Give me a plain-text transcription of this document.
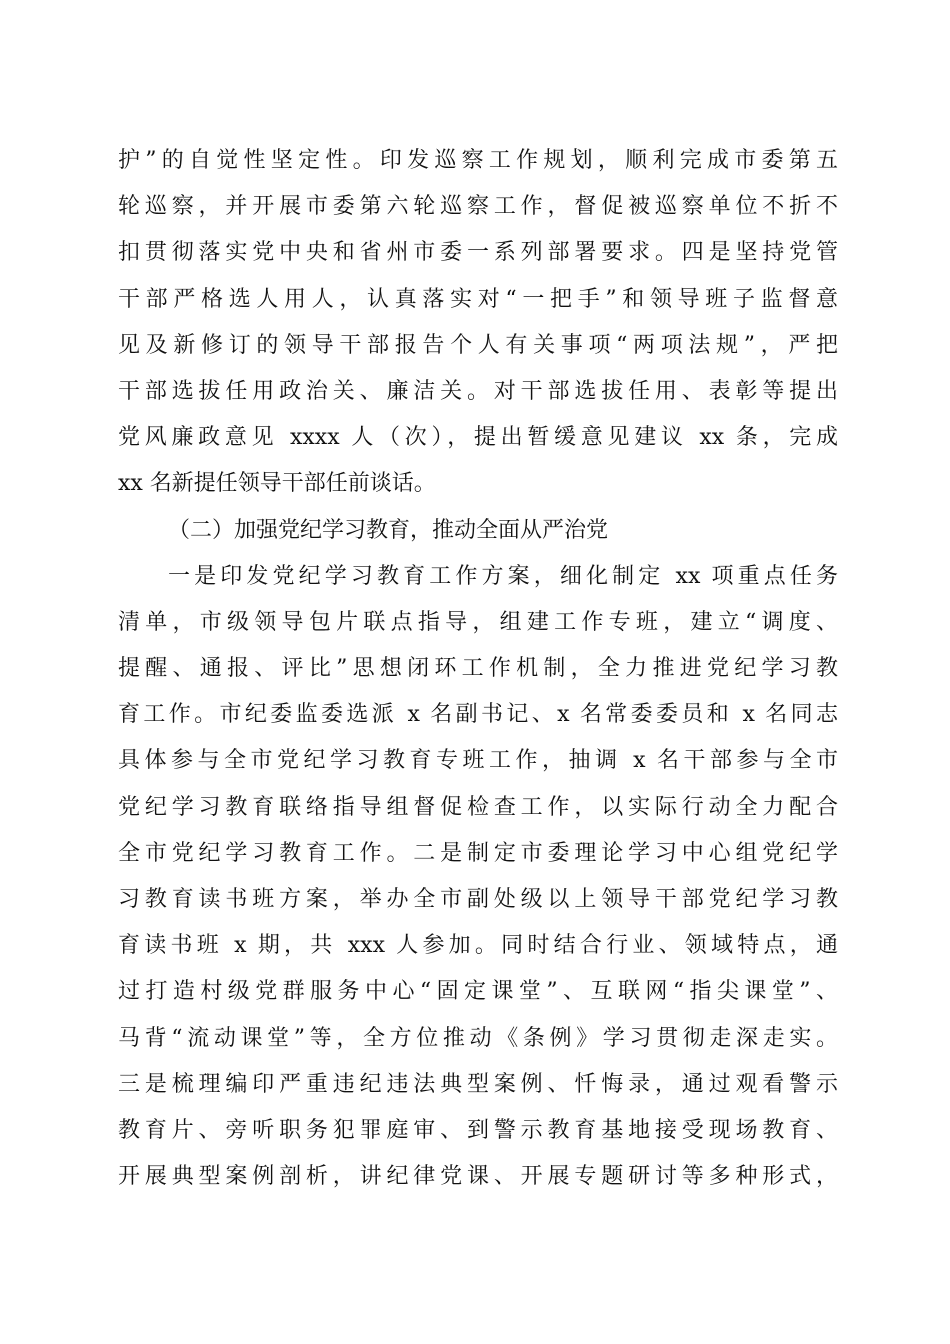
护”的自觉性坚定性。印发巡察工作规划，顺利完成市委第五
轮巡察，并开展市委第六轮巡察工作，督促被巡察单位不折不
扣贯彻落实党中央和省州市委一系列部署要求。四是坚持党管
干部严格选人用人，认真落实对“一把手”和领导班子监督意
见及新修订的领导干部报告个人有关事项“两项法规”，严把
干部选拔任用政治关、廉洁关。对干部选拔任用、表彰等提出
党风廉政意见 xxxx 人（次），提出暂缓意见建议 xx 条，完成
xx 名新提任领导干部任前谈话。
（二）加强党纪学习教育，推动全面从严治党
一是印发党纪学习教育工作方案，细化制定 xx 项重点任务
清单，市级领导包片联点指导，组建工作专班，建立“调度、
提醒、通报、评比”思想闭环工作机制，全力推进党纪学习教
育工作。市纪委监委选派 x 名副书记、x 名常委委员和 x 名同志
具体参与全市党纪学习教育专班工作，抽调 x 名干部参与全市
党纪学习教育联络指导组督促检查工作，以实际行动全力配合
全市党纪学习教育工作。二是制定市委理论学习中心组党纪学
习教育读书班方案，举办全市副处级以上领导干部党纪学习教
育读书班 x 期，共 xxx 人参加。同时结合行业、领域特点，通
过打造村级党群服务中心“固定课堂”、互联网“指尖课堂”、
马背“流动课堂”等，全方位推动《条例》学习贯彻走深走实。
三是梳理编印严重违纪违法典型案例、忏悔录，通过观看警示
教育片、旁听职务犯罪庭审、到警示教育基地接受现场教育、
开展典型案例剖析，讲纪律党课、开展专题研讨等多种形式，
